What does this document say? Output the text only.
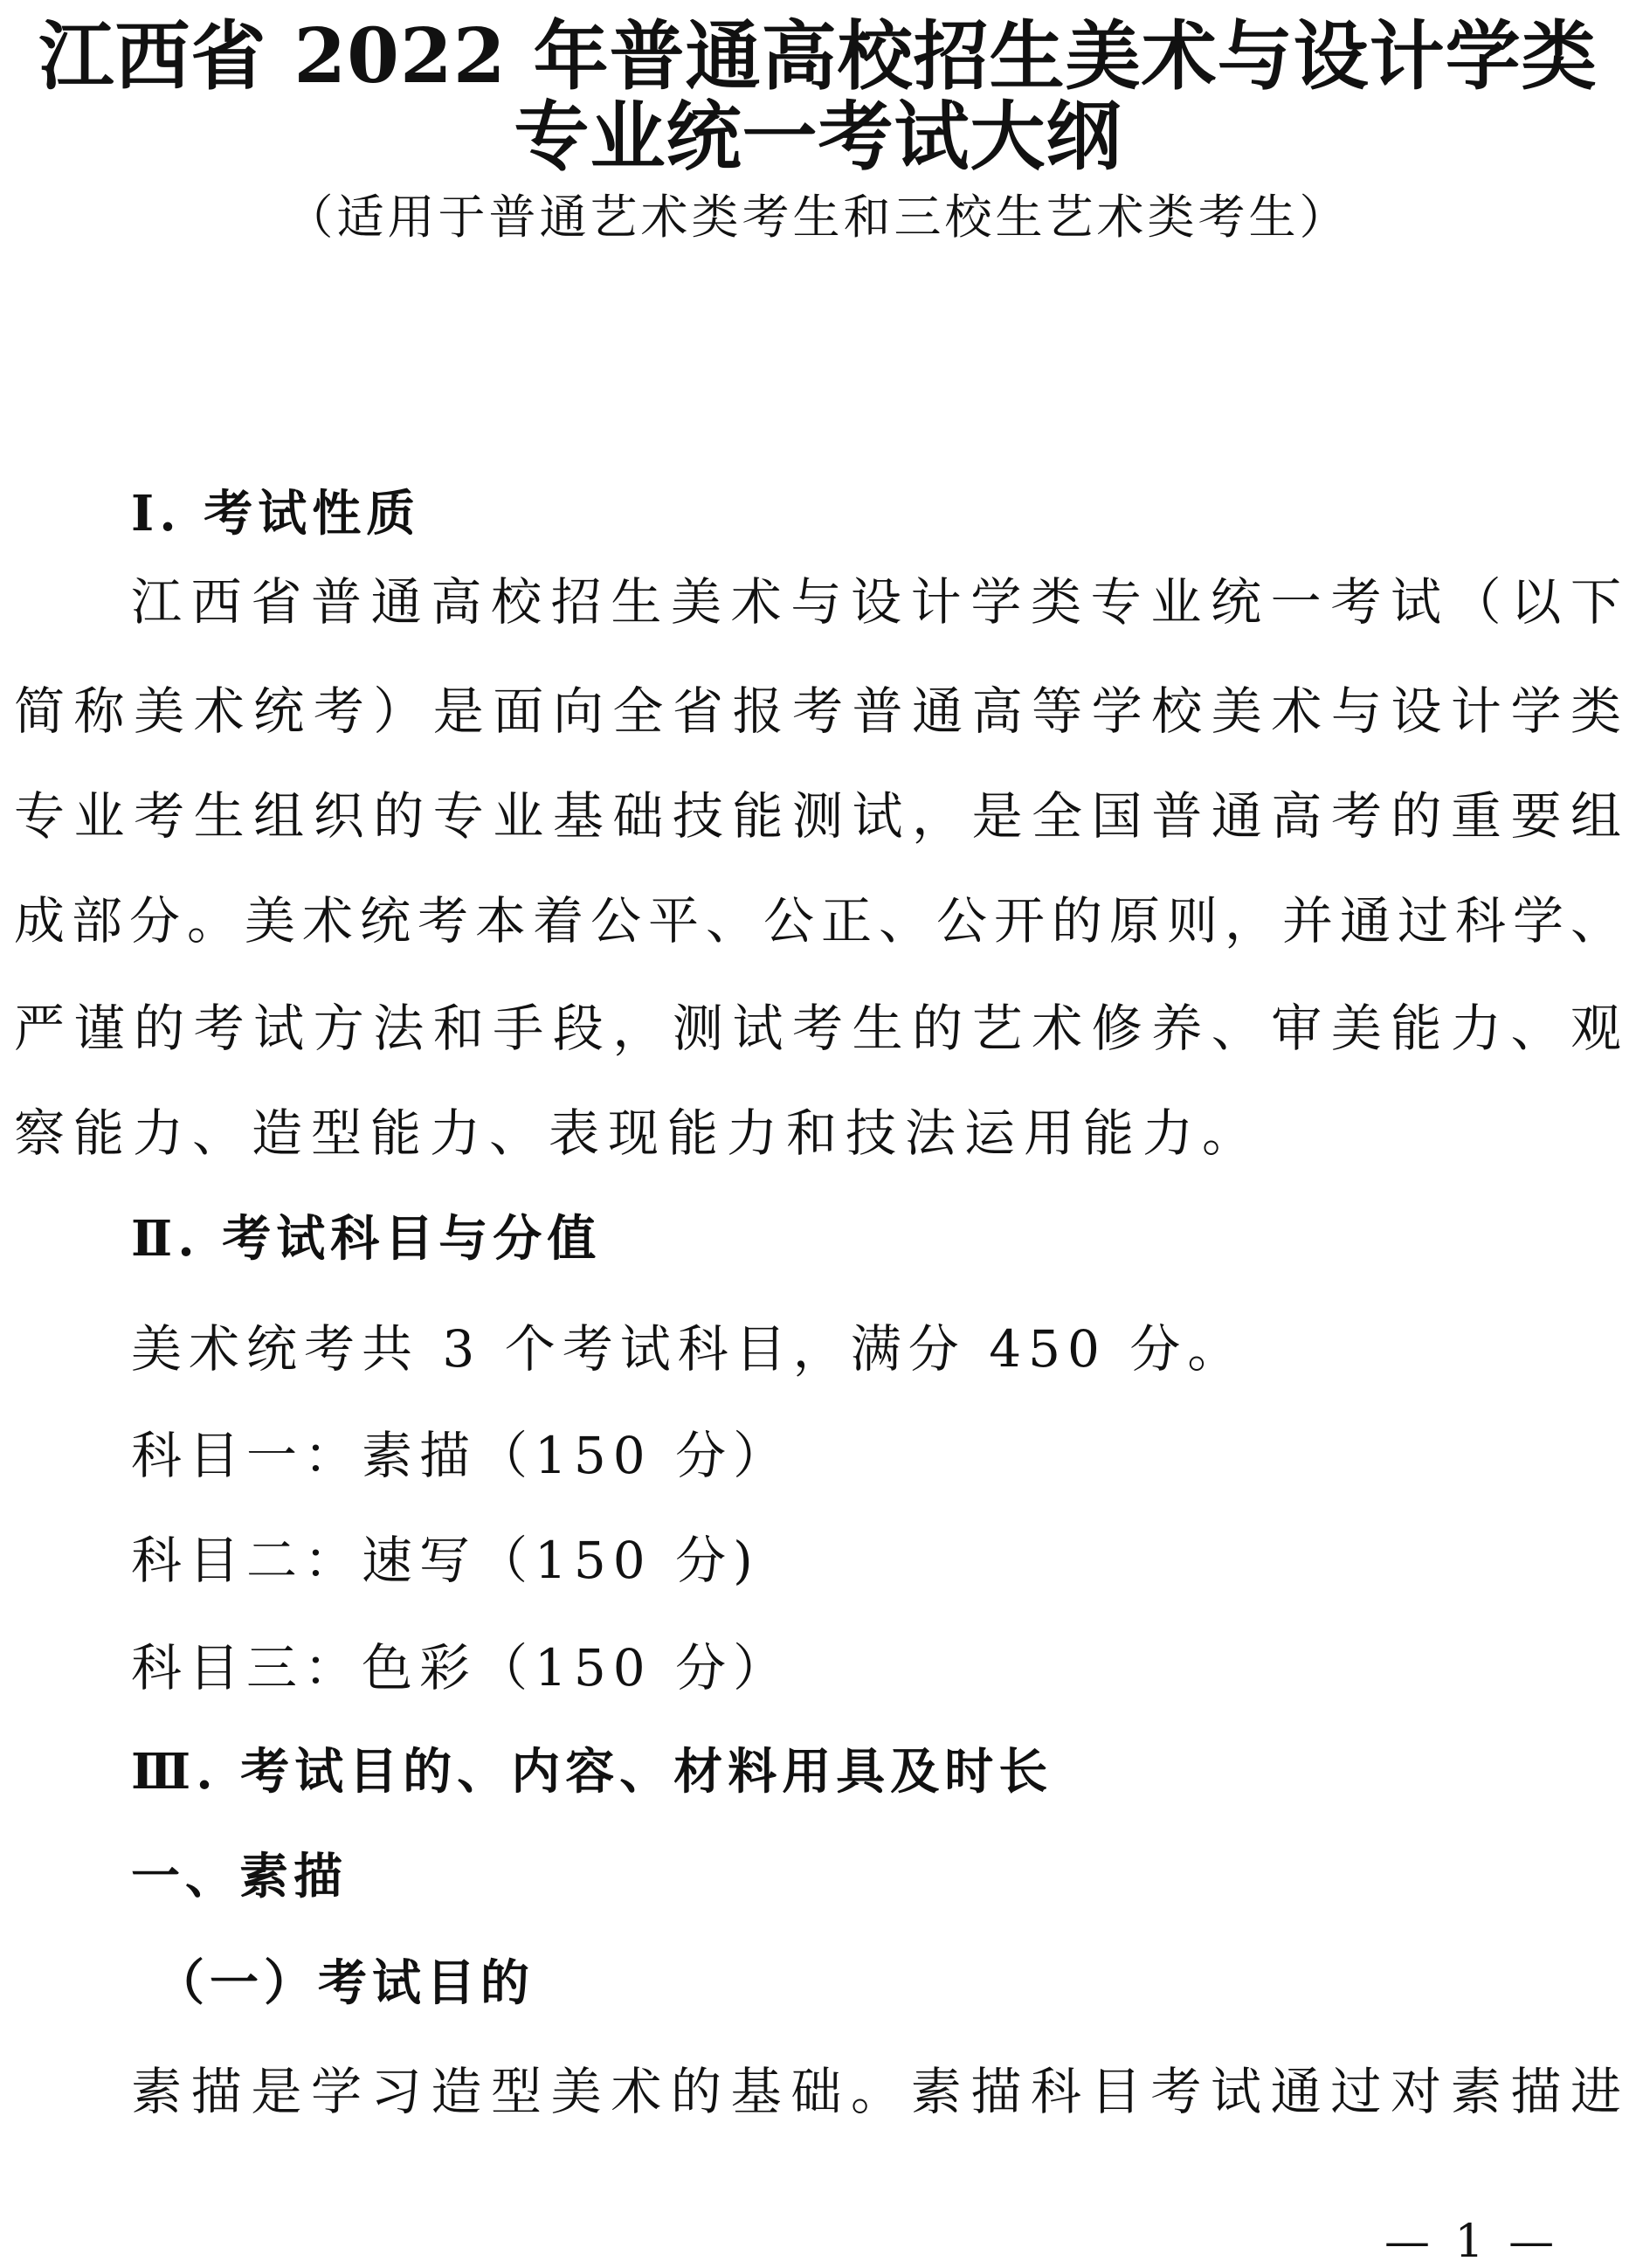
江西省 2022 年普通高校招生美术与设计学类
专业统一考试大纲
（适用于普通艺术类考生和三校生艺术类考生）
Ⅰ. 考试性质
江西省普通高校招生美术与设计学类专业统一考试（以下
简称美术统考）是面向全省报考普通高等学校美术与设计学类
专业考生组织的专业基础技能测试，是全国普通高考的重要组
成部分。美术统考本着公平、公正、公开的原则，并通过科学、
严谨的考试方法和手段，测试考生的艺术修养、审美能力、观
察能力、造型能力、表现能力和技法运用能力。
Ⅱ. 考试科目与分值
美术统考共 3 个考试科目，满分 450 分。
科目一：素描（150 分）
科目二：速写（150 分)
科目三：色彩（150 分）
Ⅲ. 考试目的、内容、材料用具及时长
一、素描
（一）考试目的
素描是学习造型美术的基础。素描科目考试通过对素描进
— 1 —
